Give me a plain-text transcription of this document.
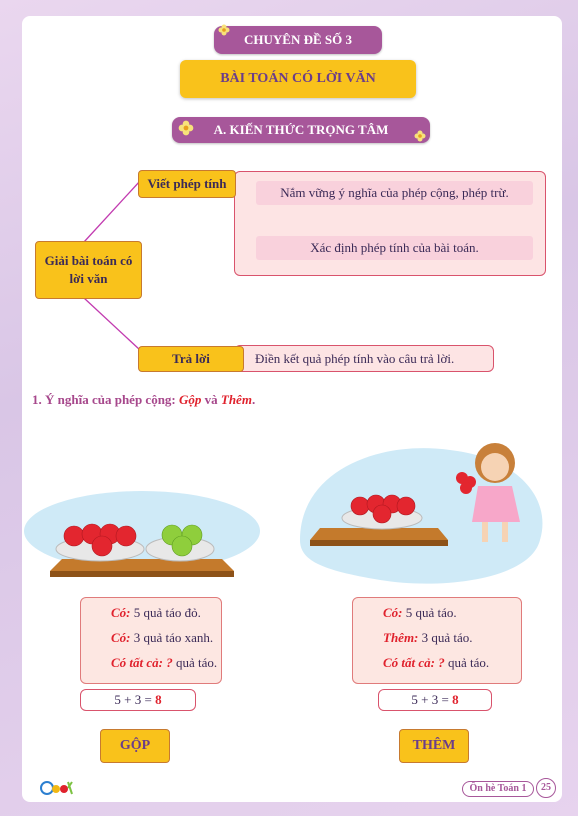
CHUYÊN ĐỀ SỐ 3
BÀI TOÁN CÓ LỜI VĂN
A. KIẾN THỨC TRỌNG TÂM
Giải bài toán có lời văn
Nắm vững ý nghĩa của phép cộng, phép trừ.
Xác định phép tính của bài toán.
Viết phép tính
Điền kết quả phép tính vào câu trả lời.
Trả lời
1. Ý nghĩa của phép cộng: Gộp và Thêm.
Có: 5 quả táo đỏ.
Có: 3 quả táo xanh.
Có tất cả: ? quả táo.
5 + 3 = 8
GỘP
Có: 5 quả táo.
Thêm: 3 quả táo.
Có tất cả: ? quả táo.
5 + 3 = 8
THÊM
Ôn hè Toán 1	25
